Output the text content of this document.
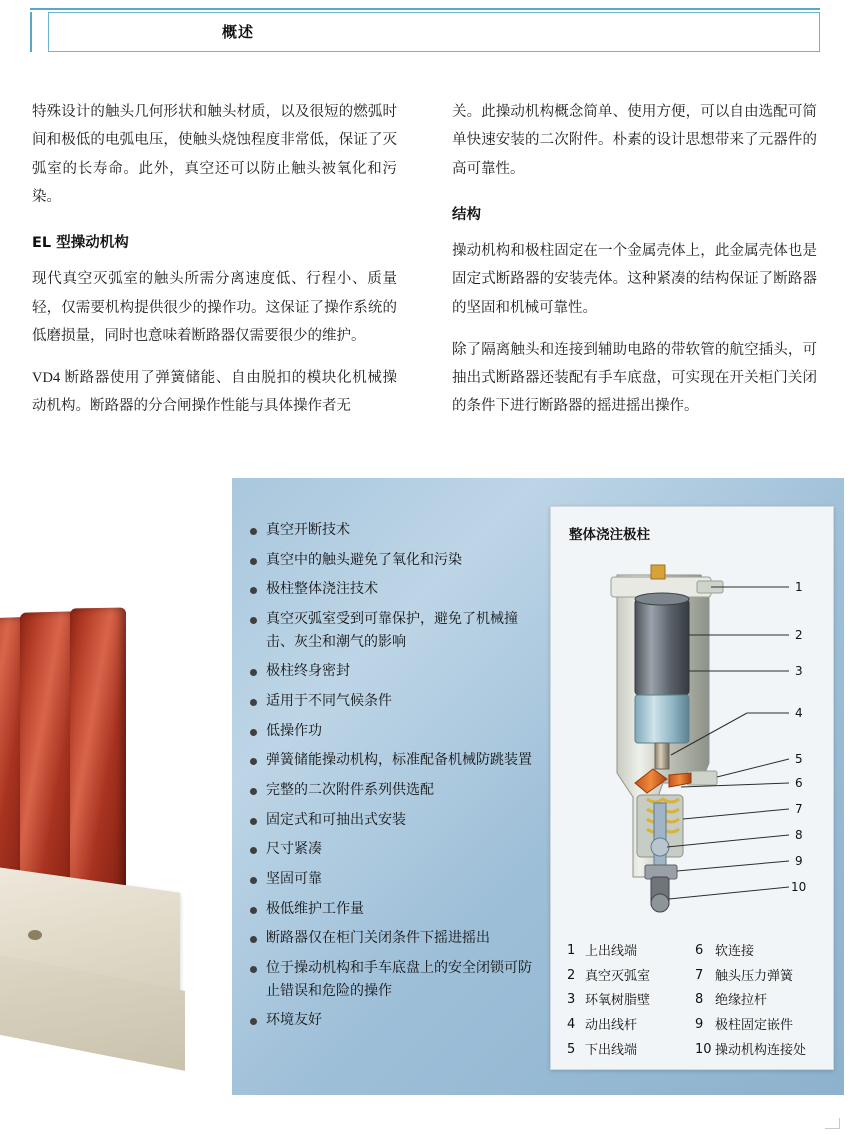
概述

特殊设计的触头几何形状和触头材质，以及很短的燃弧时间和极低的电弧电压，使触头烧蚀程度非常低，保证了灭弧室的长寿命。此外，真空还可以防止触头被氧化和污染。

EL 型操动机构

现代真空灭弧室的触头所需分离速度低、行程小、质量轻，仅需要机构提供很少的操作功。这保证了操作系统的低磨损量，同时也意味着断路器仅需要很少的维护。

VD4 断路器使用了弹簧储能、自由脱扣的模块化机械操动机构。断路器的分合闸操作性能与具体操作者无

关。此操动机构概念简单、使用方便，可以自由选配可简单快速安装的二次附件。朴素的设计思想带来了元器件的高可靠性。

结构

操动机构和极柱固定在一个金属壳体上，此金属壳体也是固定式断路器的安装壳体。这种紧凑的结构保证了断路器的坚固和机械可靠性。

除了隔离触头和连接到辅助电路的带软管的航空插头，可抽出式断路器还装配有手车底盘，可实现在开关柜门关闭的条件下进行断路器的摇进摇出操作。

真空开断技术
真空中的触头避免了氧化和污染
极柱整体浇注技术
真空灭弧室受到可靠保护，避免了机械撞击、灰尘和潮气的影响
极柱终身密封
适用于不同气候条件
低操作功
弹簧储能操动机构，标准配备机械防跳装置
完整的二次附件系列供选配
固定式和可抽出式安装
尺寸紧凑
坚固可靠
极低维护工作量
断路器仅在柜门关闭条件下摇进摇出
位于操动机构和手车底盘上的安全闭锁可防止错误和危险的操作
环境友好
整体浇注极柱
1
2
3
4
5
6
7
8
9
10
1 上出线端	6 软连接
2 真空灭弧室	7 触头压力弹簧
3 环氧树脂壁	8 绝缘拉杆
4 动出线杆	9 极柱固定嵌件
5 下出线端	10 操动机构连接处
